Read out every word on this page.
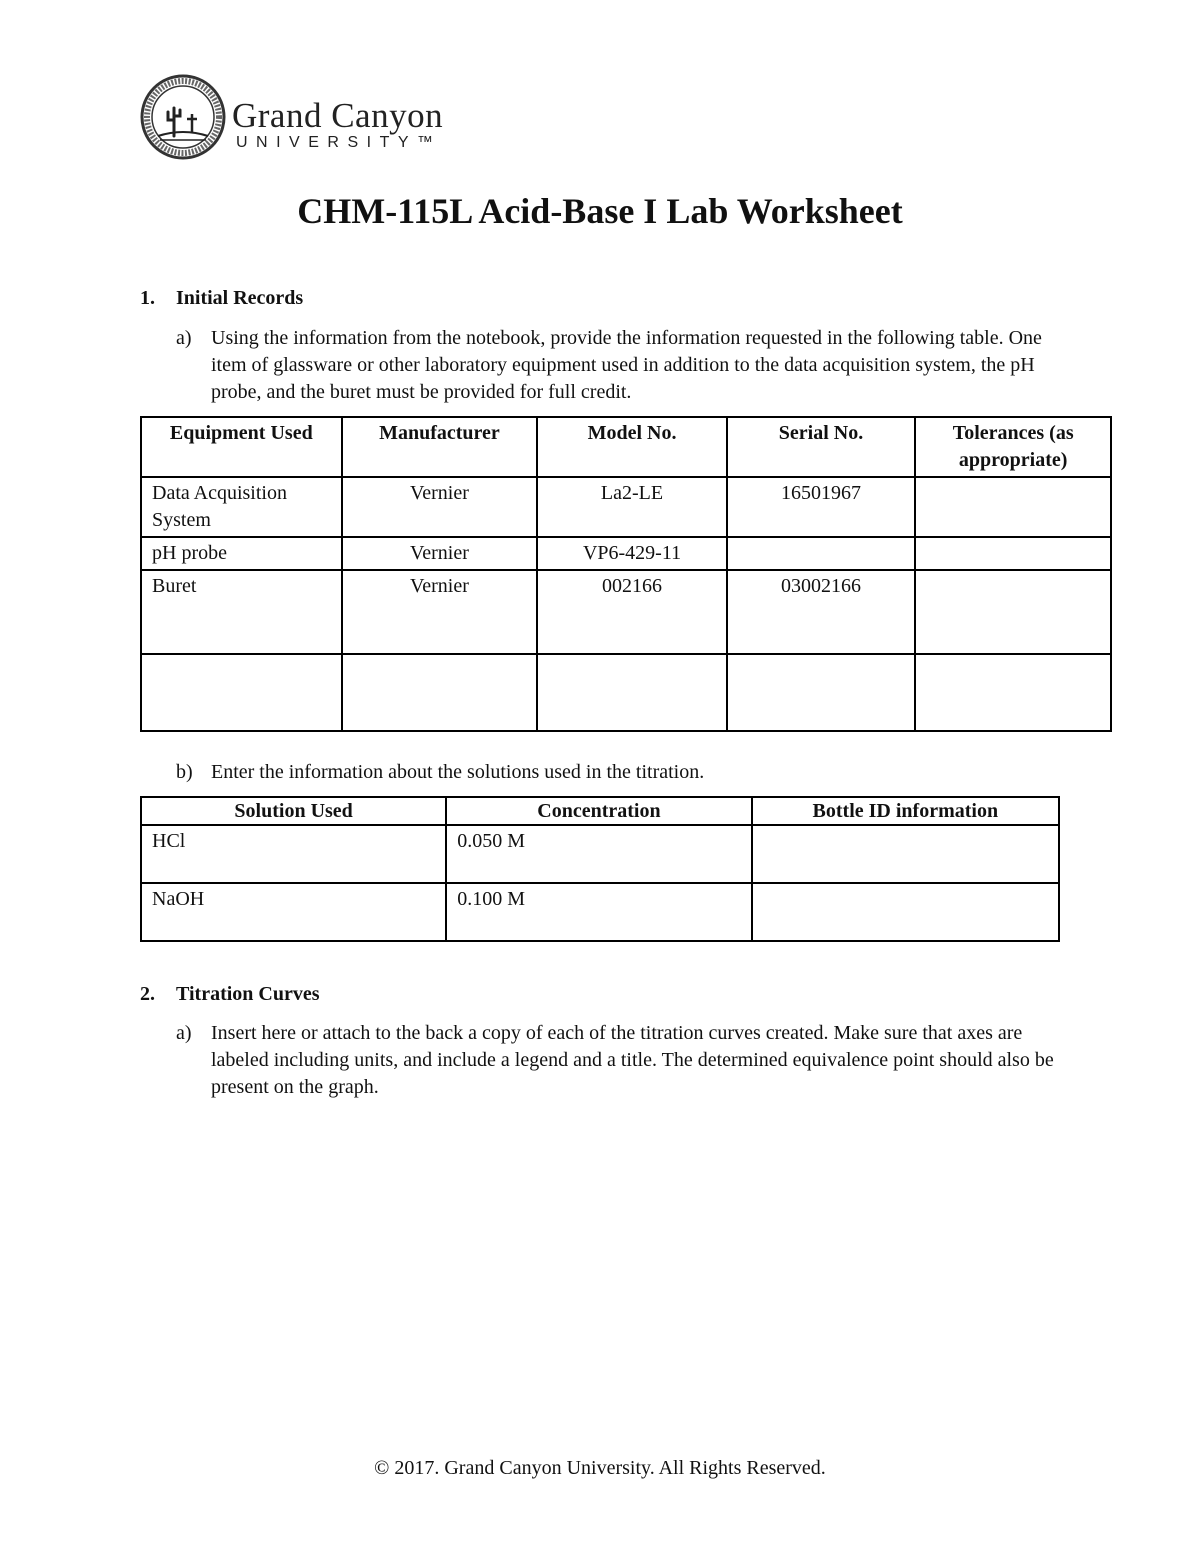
Grand Canyon
UNIVERSITY™
CHM-115L Acid-Base I Lab Worksheet
1. Initial Records
a) Using the information from the notebook, provide the information requested in the following table. One item of glassware or other laboratory equipment used in addition to the data acquisition system, the pH probe, and the buret must be provided for full credit.
Equipment Used	Manufacturer	Model No.	Serial No.	Tolerances (as appropriate)
Data Acquisition System	Vernier	La2-LE	16501967	
pH probe	Vernier	VP6-429-11		
Buret	Vernier	002166	03002166	

b) Enter the information about the solutions used in the titration.
Solution Used	Concentration	Bottle ID information
HCl	0.050 M	
NaOH	0.100 M	
2. Titration Curves
a) Insert here or attach to the back a copy of each of the titration curves created. Make sure that axes are labeled including units, and include a legend and a title. The determined equivalence point should also be present on the graph.
© 2017. Grand Canyon University. All Rights Reserved.
